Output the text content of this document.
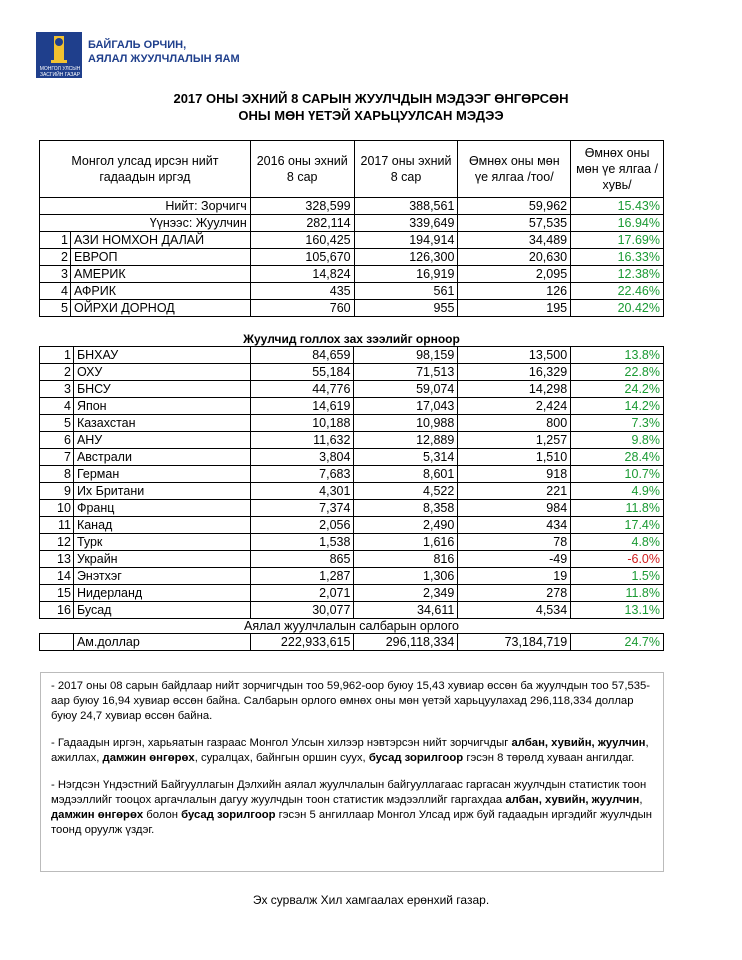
МОНГОЛ УЛСЫН ЗАСГИЙН ГАЗАР
БАЙГАЛЬ ОРЧИН,
АЯЛАЛ ЖУУЛЧЛАЛЫН ЯАМ
2017 ОНЫ ЭХНИЙ 8 САРЫН ЖУУЛЧДЫН МЭДЭЭГ ӨНГӨРСӨН
ОНЫ МӨН ҮЕТЭЙ ХАРЬЦУУЛСАН МЭДЭЭ
Монгол улсад ирсэн нийт гадаадын иргэд	2016 оны эхний 8 сар	2017 оны эхний 8 сар	Өмнөх оны мөн үе ялгаа /тоо/	Өмнөх оны мөн үе ялгаа /хувь/
Нийт: Зорчигч	328,599	388,561	59,962	15.43%
Үүнээс: Жуулчин	282,114	339,649	57,535	16.94%
1 АЗИ НОМХОН ДАЛАЙ	160,425	194,914	34,489	17.69%
2 ЕВРОП	105,670	126,300	20,630	16.33%
3 АМЕРИК	14,824	16,919	2,095	12.38%
4 АФРИК	435	561	126	22.46%
5 ОЙРХИ ДОРНОД	760	955	195	20.42%
Жуулчид голлох зах зээлийг орноор
1	БНХАУ	84,659	98,159	13,500	13.8%
2	ОХУ	55,184	71,513	16,329	22.8%
3	БНСУ	44,776	59,074	14,298	24.2%
4	Япон	14,619	17,043	2,424	14.2%
5	Казахстан	10,188	10,988	800	7.3%
6	АНУ	11,632	12,889	1,257	9.8%
7	Австрали	3,804	5,314	1,510	28.4%
8	Герман	7,683	8,601	918	10.7%
9	Их Британи	4,301	4,522	221	4.9%
10	Франц	7,374	8,358	984	11.8%
11	Канад	2,056	2,490	434	17.4%
12	Турк	1,538	1,616	78	4.8%
13	Украйн	865	816	-49	-6.0%
14	Энэтхэг	1,287	1,306	19	1.5%
15	Нидерланд	2,071	2,349	278	11.8%
16	Бусад	30,077	34,611	4,534	13.1%
Аялал жуулчлалын салбарын орлого					
	Ам.доллар	222,933,615	296,118,334	73,184,719	24.7%

- 2017 оны 08 сарын байдлаар нийт зорчигчдын тоо 59,962-оор буюу 15,43 хувиар өссөн ба жуулчдын тоо 57,535-аар буюу 16,94 хувиар өссөн байна. Салбарын орлого өмнөх оны мөн үетэй харьцуулахад 296,118,334 доллар буюу 24,7 хувиар өссөн байна.

- Гадаадын иргэн, харьяатын газраас Монгол Улсын хилээр нэвтэрсэн нийт зорчигчдыг албан, хувийн, жуулчин, ажиллах, дамжин өнгөрөх, суралцах, байнгын оршин суух, бусад зорилгоор гэсэн 8 төрөлд хуваан ангилдаг.

- Нэгдсэн Үндэстний Байгууллагын Дэлхийн аялал жуулчлалын байгууллагаас гаргасан жуулчдын статистик тоон мэдээллийг тооцох аргачлалын дагуу жуулчдын тоон статистик мэдээллийг гаргахдаа албан, хувийн, жуулчин, дамжин өнгөрөх болон бусад зорилгоор гэсэн 5 ангиллаар Монгол Улсад ирж буй гадаадын иргэдийг жуулчдын тоонд оруулж үздэг.

Эх сурвалж Хил хамгаалах ерөнхий газар.
